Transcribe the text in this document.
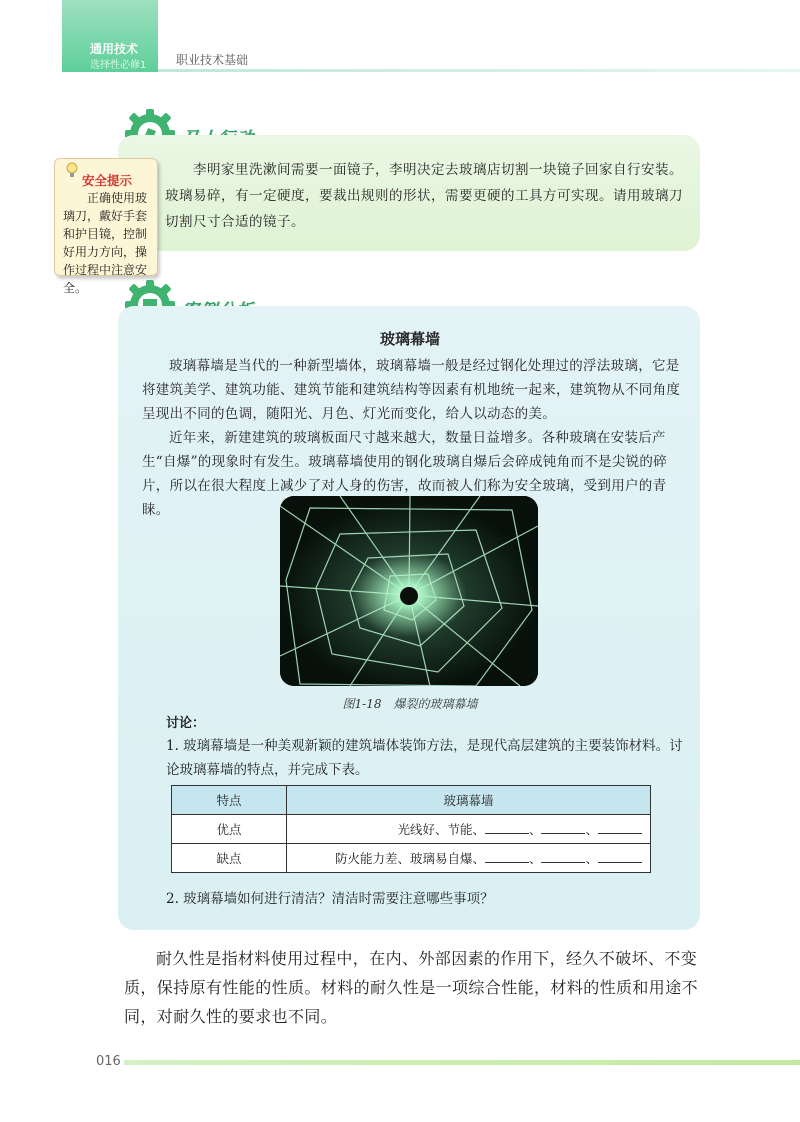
通用技术
选择性必修1 职业技术基础
李明家里洗漱间需要一面镜子，李明决定去玻璃店切割一块镜子回家自行安装。玻璃易碎，有一定硬度，要裁出规则的形状，需要更硬的工具方可实现。请用玻璃刀切割尺寸合适的镜子。
安全提示
正确使用玻璃刀，戴好手套和护目镜，控制好用力方向，操作过程中注意安全。
玻璃幕墙
玻璃幕墙是当代的一种新型墙体，玻璃幕墙一般是经过钢化处理过的浮法玻璃，它是将建筑美学、建筑功能、建筑节能和建筑结构等因素有机地统一起来，建筑物从不同角度呈现出不同的色调，随阳光、月色、灯光而变化，给人以动态的美。
近年来，新建建筑的玻璃板面尺寸越来越大，数量日益增多。各种玻璃在安装后产生“自爆”的现象时有发生。玻璃幕墙使用的钢化玻璃自爆后会碎成钝角而不是尖锐的碎片，所以在很大程度上减少了对人身的伤害，故而被人们称为安全玻璃，受到用户的青睐。
图1-18　爆裂的玻璃幕墙
讨论：
1. 玻璃幕墙是一种美观新颖的建筑墙体装饰方法，是现代高层建筑的主要装饰材料。讨论玻璃幕墙的特点，并完成下表。
特点	玻璃幕墙
优点	光线好、节能、 、 、
缺点	防火能力差、玻璃易自爆、 、 、
2. 玻璃幕墙如何进行清洁？清洁时需要注意哪些事项？
耐久性是指材料使用过程中，在内、外部因素的作用下，经久不破坏、不变质，保持原有性能的性质。材料的耐久性是一项综合性能，材料的性质和用途不同，对耐久性的要求也不同。
016
